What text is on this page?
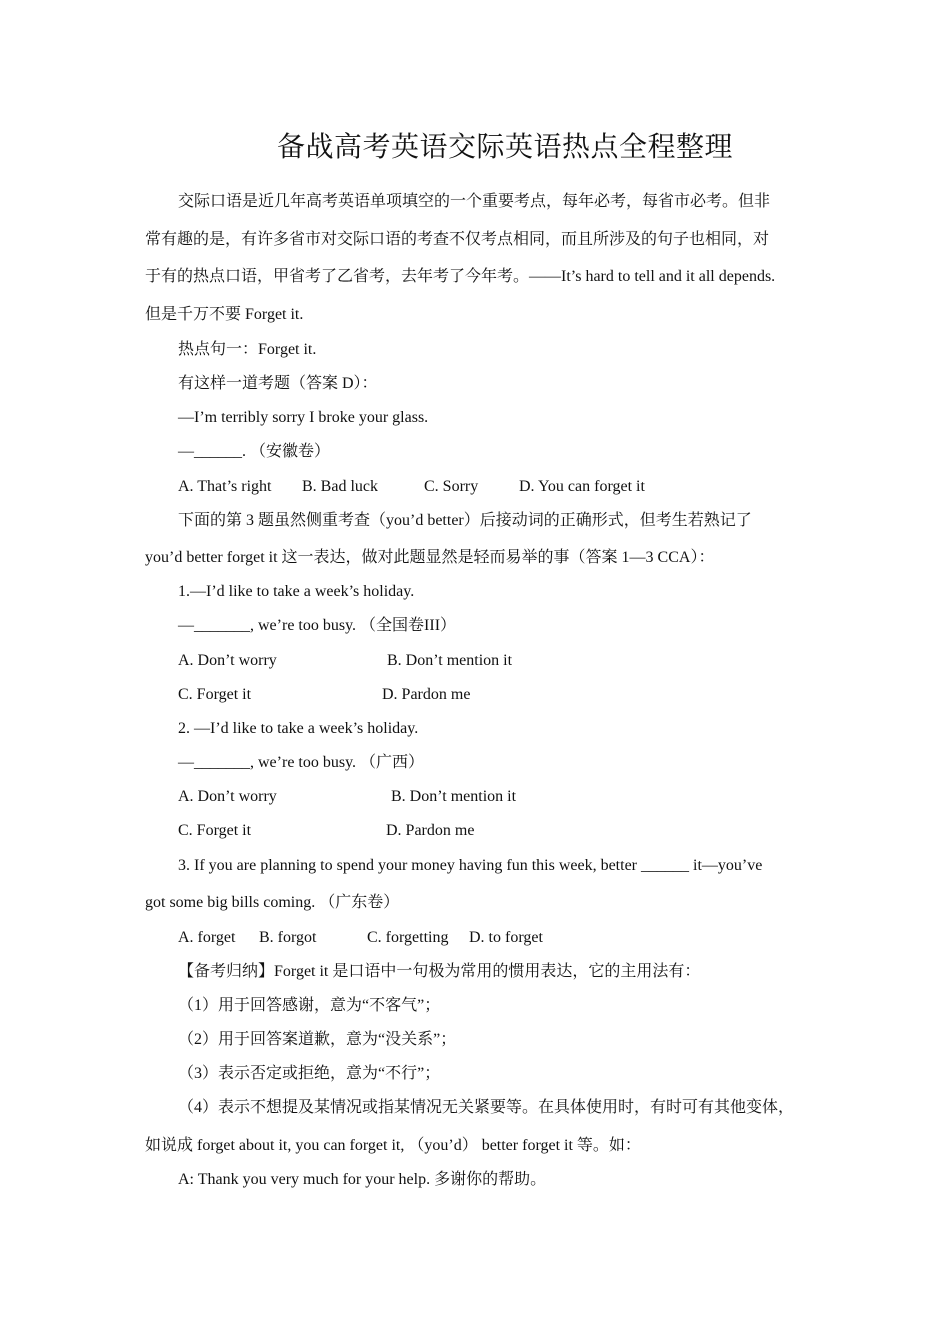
备战高考英语交际英语热点全程整理
交际口语是近几年高考英语单项填空的一个重要考点，每年必考，每省市必考。但非
常有趣的是，有许多省市对交际口语的考查不仅考点相同，而且所涉及的句子也相同，对
于有的热点口语，甲省考了乙省考，去年考了今年考。——It’s hard to tell and it all depends.
但是千万不要 Forget it.
热点句一：Forget it.
有这样一道考题（答案 D）：
—I’m terribly sorry I broke your glass.
—______. （安徽卷）
A. That’s right B. Bad luck	C. Sorry	D. You can forget it
下面的第 3 题虽然侧重考查（you’d better）后接动词的正确形式，但考生若熟记了
you’d better forget it 这一表达，做对此题显然是轻而易举的事（答案 1—3 CCA）：
1.—I’d like to take a week’s holiday.
—_______, we’re too busy. （全国卷III）
A. Don’t worry	B. Don’t mention it
C. Forget it	D. Pardon me
2. —I’d like to take a week’s holiday.
—_______, we’re too busy. （广西）
A. Don’t worry	B. Don’t mention it
C. Forget it	D. Pardon me
3. If you are planning to spend your money having fun this week, better ______ it—you’ve
got some big bills coming. （广东卷）
A. forget B. forgot	C. forgetting D. to forget
【备考归纳】Forget it 是口语中一句极为常用的惯用表达，它的主用法有：
（1）用于回答感谢，意为“不客气”；
（2）用于回答案道歉，意为“没关系”；
（3）表示否定或拒绝，意为“不行”；
（4）表示不想提及某情况或指某情况无关紧要等。在具体使用时，有时可有其他变体，
如说成 forget about it, you can forget it, （you’d） better forget it 等。如：
A: Thank you very much for your help. 多谢你的帮助。
